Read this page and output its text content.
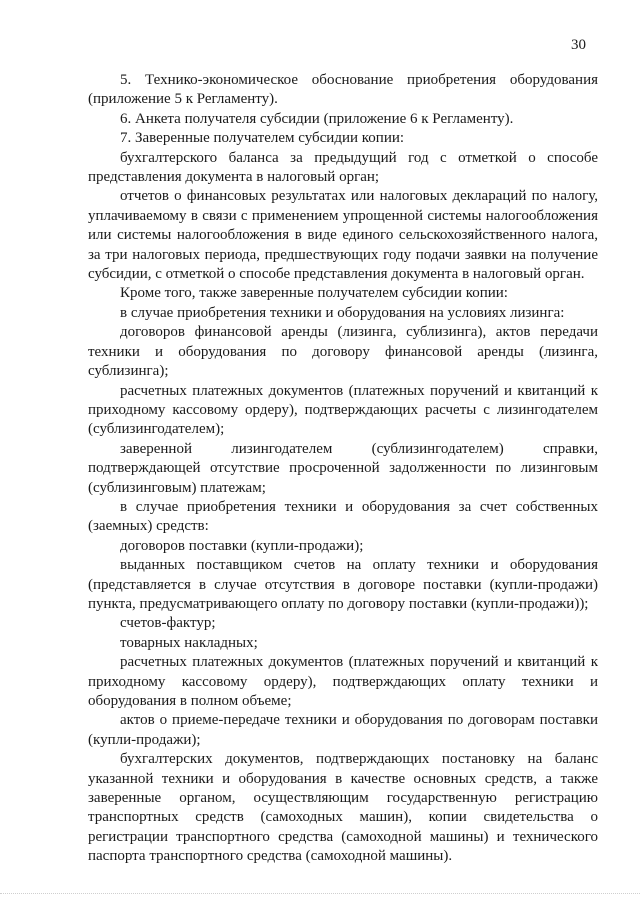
30

5. Технико-экономическое обоснование приобретения оборудования (приложение 5 к Регламенту).

6. Анкета получателя субсидии (приложение 6 к Регламенту).

7. Заверенные получателем субсидии копии:

бухгалтерского баланса за предыдущий год с отметкой о способе представления документа в налоговый орган;

отчетов о финансовых результатах или налоговых деклараций по налогу, уплачиваемому в связи с применением упрощенной системы налогообложения или системы налогообложения в виде единого сельскохозяйственного налога, за три налоговых периода, предшествующих году подачи заявки на получение субсидии, с отметкой о способе представления документа в налоговый орган.

Кроме того, также заверенные получателем субсидии копии:

в случае приобретения техники и оборудования на условиях лизинга:

договоров финансовой аренды (лизинга, сублизинга), актов передачи техники и оборудования по договору финансовой аренды (лизинга, сублизинга);

расчетных платежных документов (платежных поручений и квитанций к приходному кассовому ордеру), подтверждающих расчеты с лизингодателем (сублизингодателем);

заверенной лизингодателем (сублизингодателем) справки, подтверждающей отсутствие просроченной задолженности по лизинговым (сублизинговым) платежам;

в случае приобретения техники и оборудования за счет собственных (заемных) средств:

договоров поставки (купли-продажи);

выданных поставщиком счетов на оплату техники и оборудования (представляется в случае отсутствия в договоре поставки (купли-продажи) пункта, предусматривающего оплату по договору поставки (купли-продажи));

счетов-фактур;

товарных накладных;

расчетных платежных документов (платежных поручений и квитанций к приходному кассовому ордеру), подтверждающих оплату техники и оборудования в полном объеме;

актов о приеме-передаче техники и оборудования по договорам поставки (купли-продажи);

бухгалтерских документов, подтверждающих постановку на баланс указанной техники и оборудования в качестве основных средств, а также заверенные органом, осуществляющим государственную регистрацию транспортных средств (самоходных машин), копии свидетельства о регистрации транспортного средства (самоходной машины) и технического паспорта транспортного средства (самоходной машины).
